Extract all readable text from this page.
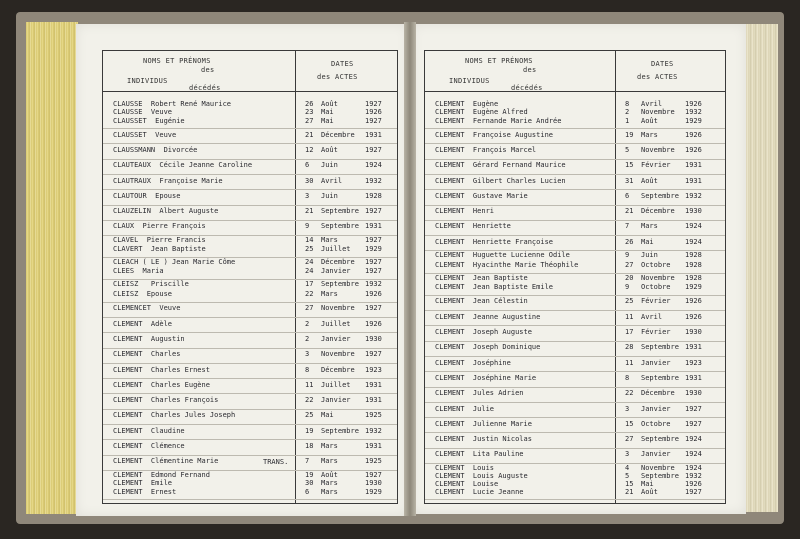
NOMS ET PRÉNOMS
des
INDIVIDUS
décédés
DATES
des ACTES
CLAUSSE  Robert René Maurice	26	Août	1927
CLAUSSE  Veuve	23	Mai	1926
CLAUSSET  Eugénie	27	Mai	1927
CLAUSSET  Veuve	21	Décembre 1931
CLAUSSMANN  Divorcée	12	Août	1927
CLAUTEAUX  Cécile Jeanne Caroline	6	Juin	1924
CLAUTRAUX  Françoise Marie	30	Avril	1932
CLAUTOUR  Epouse	3	Juin	1928
CLAUZELIN  Albert Auguste	21	Septembre 1927
CLAUX  Pierre François	9	Septembre 1931
CLAVEL  Pierre Francis	14	Mars	1927
CLAVERT  Jean Baptiste	25	Juillet 1929
CLEACH ( LE ) Jean Marie Côme	24	Décembre 1927
CLEES  Maria	24	Janvier 1927
CLEISZ   Priscille	17	Septembre 1932
CLEISZ  Epouse	22	Mars	1926
CLEMENCET  Veuve	27	Novembre 1927
CLEMENT  Adèle	2	Juillet 1926
CLEMENT  Augustin	2	Janvier 1930
CLEMENT  Charles	3	Novembre 1927
CLEMENT  Charles Ernest	8	Décembre 1923
CLEMENT  Charles Eugène	11	Juillet 1931
CLEMENT  Charles François	22	Janvier 1931
CLEMENT  Charles Jules Joseph	25	Mai	1925
CLEMENT  Claudine	19	Septembre 1932
CLEMENT  Clémence	18	Mars	1931
CLEMENT  Clémentine Marie	7	Mars	1925
TRANS.
CLEMENT  Edmond Fernand	19	Août	1927
CLEMENT  Emile	30	Mars	1930
CLEMENT  Ernest	6	Mars	1929
NOMS ET PRÉNOMS
des
INDIVIDUS
décédés
DATES
des ACTES
CLEMENT  Eugène	8	Avril	1926
CLEMENT  Eugène Alfred	2	Novembre 1932
CLEMENT  Fernande Marie Andrée	1	Août	1929
CLEMENT  Françoise Augustine	19	Mars	1926
CLEMENT  François Marcel	5	Novembre 1926
CLEMENT  Gérard Fernand Maurice	15	Février 1931
CLEMENT  Gilbert Charles Lucien	31	Août	1931
CLEMENT  Gustave Marie	6	Septembre 1932
CLEMENT  Henri	21	Décembre 1930
CLEMENT  Henriette	7	Mars	1924
CLEMENT  Henriette Françoise	26	Mai	1924
CLEMENT  Huguette Lucienne Odile	9	Juin	1928
CLEMENT  Hyacinthe Marie Théophile	27	Octobre 1928
CLEMENT  Jean Baptiste	20	Novembre 1928
CLEMENT  Jean Baptiste Emile	9	Octobre 1929
CLEMENT  Jean Célestin	25	Février 1926
CLEMENT  Jeanne Augustine	11	Avril	1926
CLEMENT  Joseph Auguste	17	Février 1930
CLEMENT  Joseph Dominique	28	Septembre 1931
CLEMENT  Joséphine	11	Janvier 1923
CLEMENT  Joséphine Marie	8	Septembre 1931
CLEMENT  Jules Adrien	22	Décembre 1930
CLEMENT  Julie	3	Janvier 1927
CLEMENT  Julienne Marie	15	Octobre 1927
CLEMENT  Justin Nicolas	27	Septembre 1924
CLEMENT  Lita Pauline	3	Janvier 1924
CLEMENT  Louis	4	Novembre 1924
CLEMENT  Louis Auguste	5	Septembre 1932
CLEMENT  Louise	15	Mai	1926
CLEMENT  Lucie Jeanne	21	Août	1927
